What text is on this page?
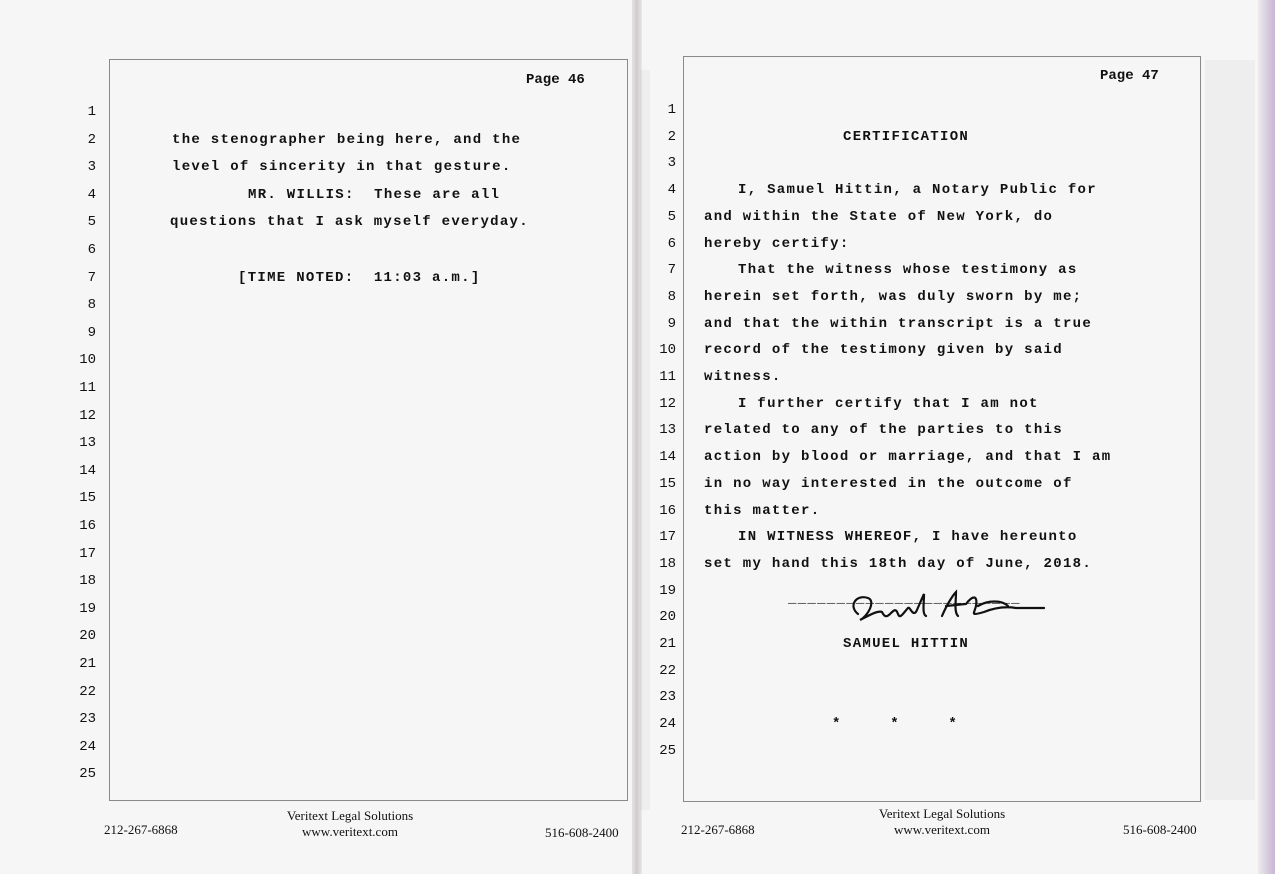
Page 46	Page 47
1
2
3
4
5
6
7
8
9
10
11
12
13
14
15
16
17
18
19
20
21
22
23
24
25
the stenographer being here, and the
level of sincerity in that gesture.
MR. WILLIS:  These are all
questions that I ask myself everyday.
[TIME NOTED:  11:03 a.m.]
1
2
3
4
5
6
7
8
9
10
11
12
13
14
15
16
17
18
19
20
21
22
23
24
25
CERTIFICATION
I, Samuel Hittin, a Notary Public for
and within the State of New York, do
hereby certify:
That the witness whose testimony as
herein set forth, was duly sworn by me;
and that the within transcript is a true
record of the testimony given by said
witness.
I further certify that I am not
related to any of the parties to this
action by blood or marriage, and that I am
in no way interested in the outcome of
this matter.
IN WITNESS WHEREOF, I have hereunto
set my hand this 18th day of June, 2018.
________________________
SAMUEL HITTIN
*     *     *
212-267-6868
Veritext Legal Solutions
www.veritext.com	516-608-2400	212-267-6868
Veritext Legal Solutions
www.veritext.com	516-608-2400
